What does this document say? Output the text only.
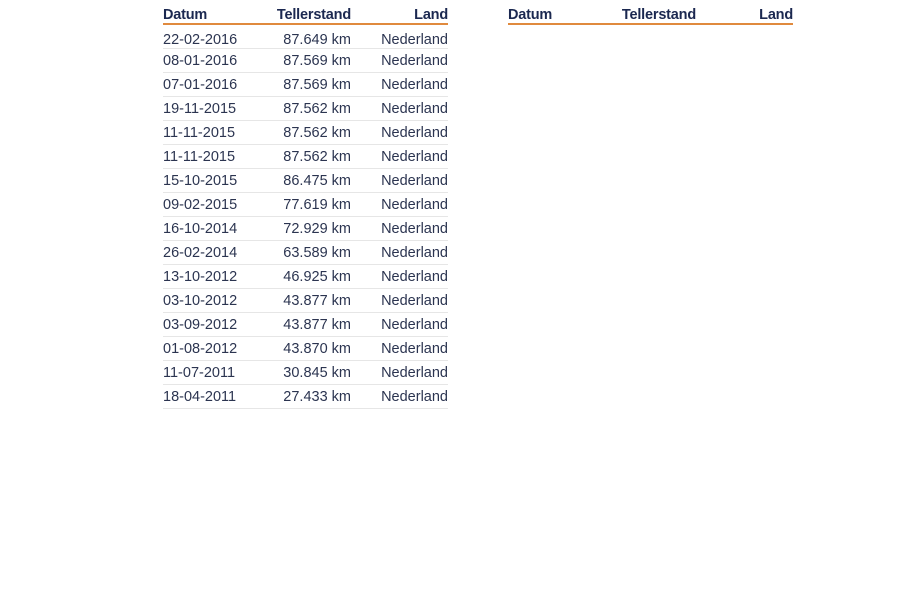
Datum	Tellerstand	Land
22-02-2016	87.649 km	Nederland
08-01-2016	87.569 km	Nederland
07-01-2016	87.569 km	Nederland
19-11-2015	87.562 km	Nederland
11-11-2015	87.562 km	Nederland
11-11-2015	87.562 km	Nederland
15-10-2015	86.475 km	Nederland
09-02-2015	77.619 km	Nederland
16-10-2014	72.929 km	Nederland
26-02-2014	63.589 km	Nederland
13-10-2012	46.925 km	Nederland
03-10-2012	43.877 km	Nederland
03-09-2012	43.877 km	Nederland
01-08-2012	43.870 km	Nederland
11-07-2011	30.845 km	Nederland
18-04-2011	27.433 km	Nederland
Datum	Tellerstand	Land
